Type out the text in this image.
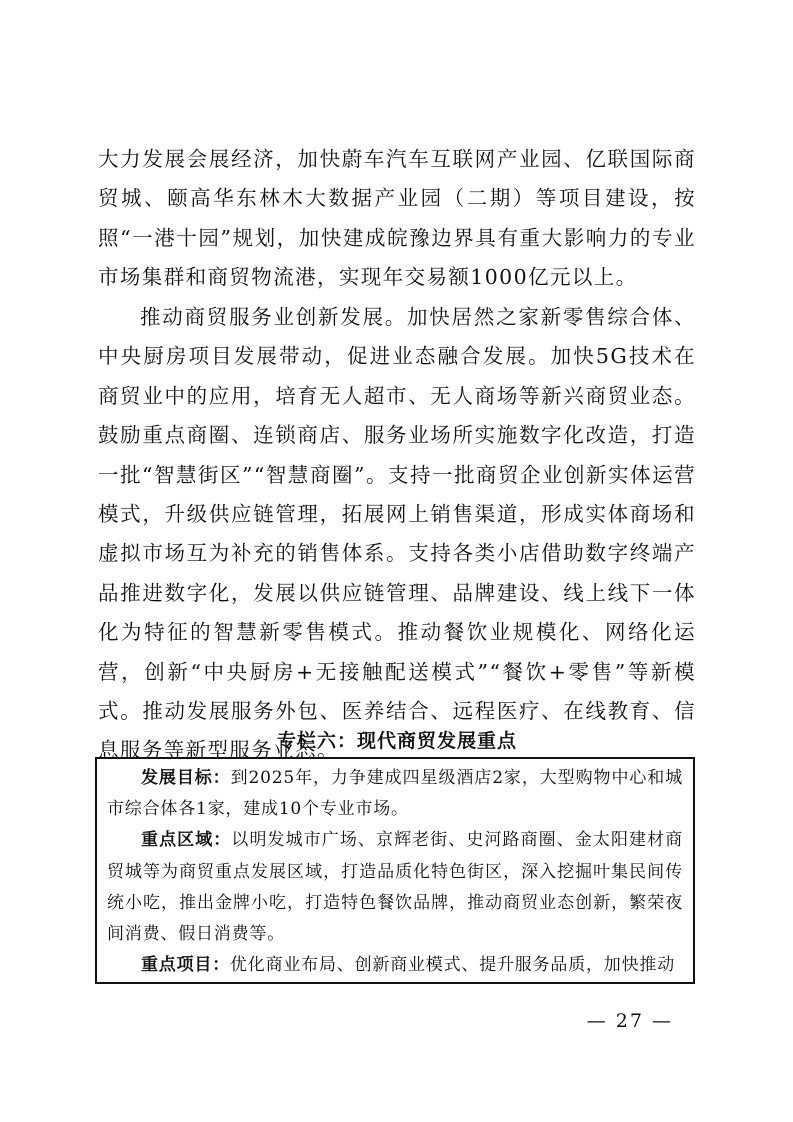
大力发展会展经济，加快蔚车汽车互联网产业园、亿联国际商贸城、颐高华东林木大数据产业园（二期）等项目建设，按照“一港十园”规划，加快建成皖豫边界具有重大影响力的专业市场集群和商贸物流港，实现年交易额1000亿元以上。

推动商贸服务业创新发展。加快居然之家新零售综合体、中央厨房项目发展带动，促进业态融合发展。加快5G技术在商贸业中的应用，培育无人超市、无人商场等新兴商贸业态。鼓励重点商圈、连锁商店、服务业场所实施数字化改造，打造一批“智慧街区”“智慧商圈”。支持一批商贸企业创新实体运营模式，升级供应链管理，拓展网上销售渠道，形成实体商场和虚拟市场互为补充的销售体系。支持各类小店借助数字终端产品推进数字化，发展以供应链管理、品牌建设、线上线下一体化为特征的智慧新零售模式。推动餐饮业规模化、网络化运营，创新“中央厨房+无接触配送模式”“餐饮+零售”等新模式。推动发展服务外包、医养结合、远程医疗、在线教育、信息服务等新型服务业态。

专栏六：现代商贸发展重点

发展目标：到2025年，力争建成四星级酒店2家，大型购物中心和城市综合体各1家，建成10个专业市场。

重点区域：以明发城市广场、京辉老街、史河路商圈、金太阳建材商贸城等为商贸重点发展区域，打造品质化特色街区，深入挖掘叶集民间传统小吃，推出金牌小吃，打造特色餐饮品牌，推动商贸业态创新，繁荣夜间消费、假日消费等。

重点项目：优化商业布局、创新商业模式、提升服务品质，加快推动

— 27 —
